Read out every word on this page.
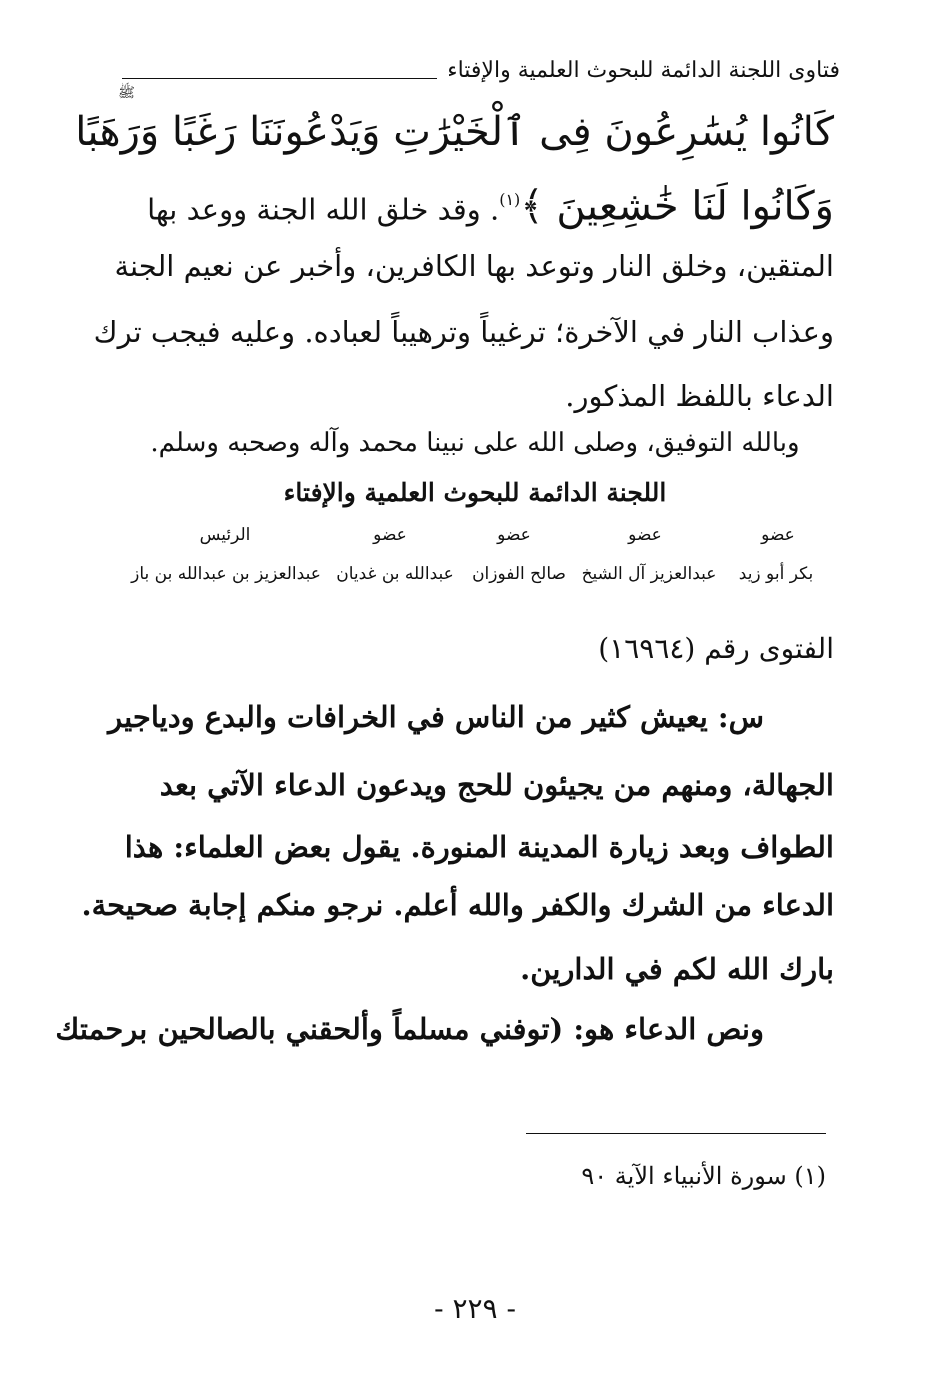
فتاوى اللجنة الدائمة للبحوث العلمية والإفتاء
ﷺ
كَانُوا يُسَٰرِعُونَ فِى ٱلْخَيْرَٰتِ وَيَدْعُونَنَا رَغَبًا وَرَهَبًا
وَكَانُوا لَنَا خَٰشِعِينَ ﴾$^{(١)}$. وقد خلق الله الجنة ووعد بها
المتقين، وخلق النار وتوعد بها الكافرين، وأخبر عن نعيم الجنة
وعذاب النار في الآخرة؛ ترغيباً وترهيباً لعباده. وعليه فيجب ترك
الدعاء باللفظ المذكور.
وبالله التوفيق، وصلى الله على نبينا محمد وآله وصحبه وسلم.
اللجنة الدائمة للبحوث العلمية والإفتاء
الرئيس
عبدالعزيز بن عبدالله بن باز
عضو
عبدالله بن غديان
عضو
صالح الفوزان
عضو
عبدالعزيز آل الشيخ
عضو
بكر أبو زيد
الفتوى رقم (١٦٩٦٤)
س: يعيش كثير من الناس في الخرافات والبدع ودياجير
الجهالة، ومنهم من يجيئون للحج ويدعون الدعاء الآتي بعد
الطواف وبعد زيارة المدينة المنورة. يقول بعض العلماء: هذا
الدعاء من الشرك والكفر والله أعلم. نرجو منكم إجابة صحيحة.
بارك الله لكم في الدارين.
ونص الدعاء هو: (توفني مسلماً وألحقني بالصالحين برحمتك
(١) سورة الأنبياء الآية ٩٠
- ٢٢٩ -
